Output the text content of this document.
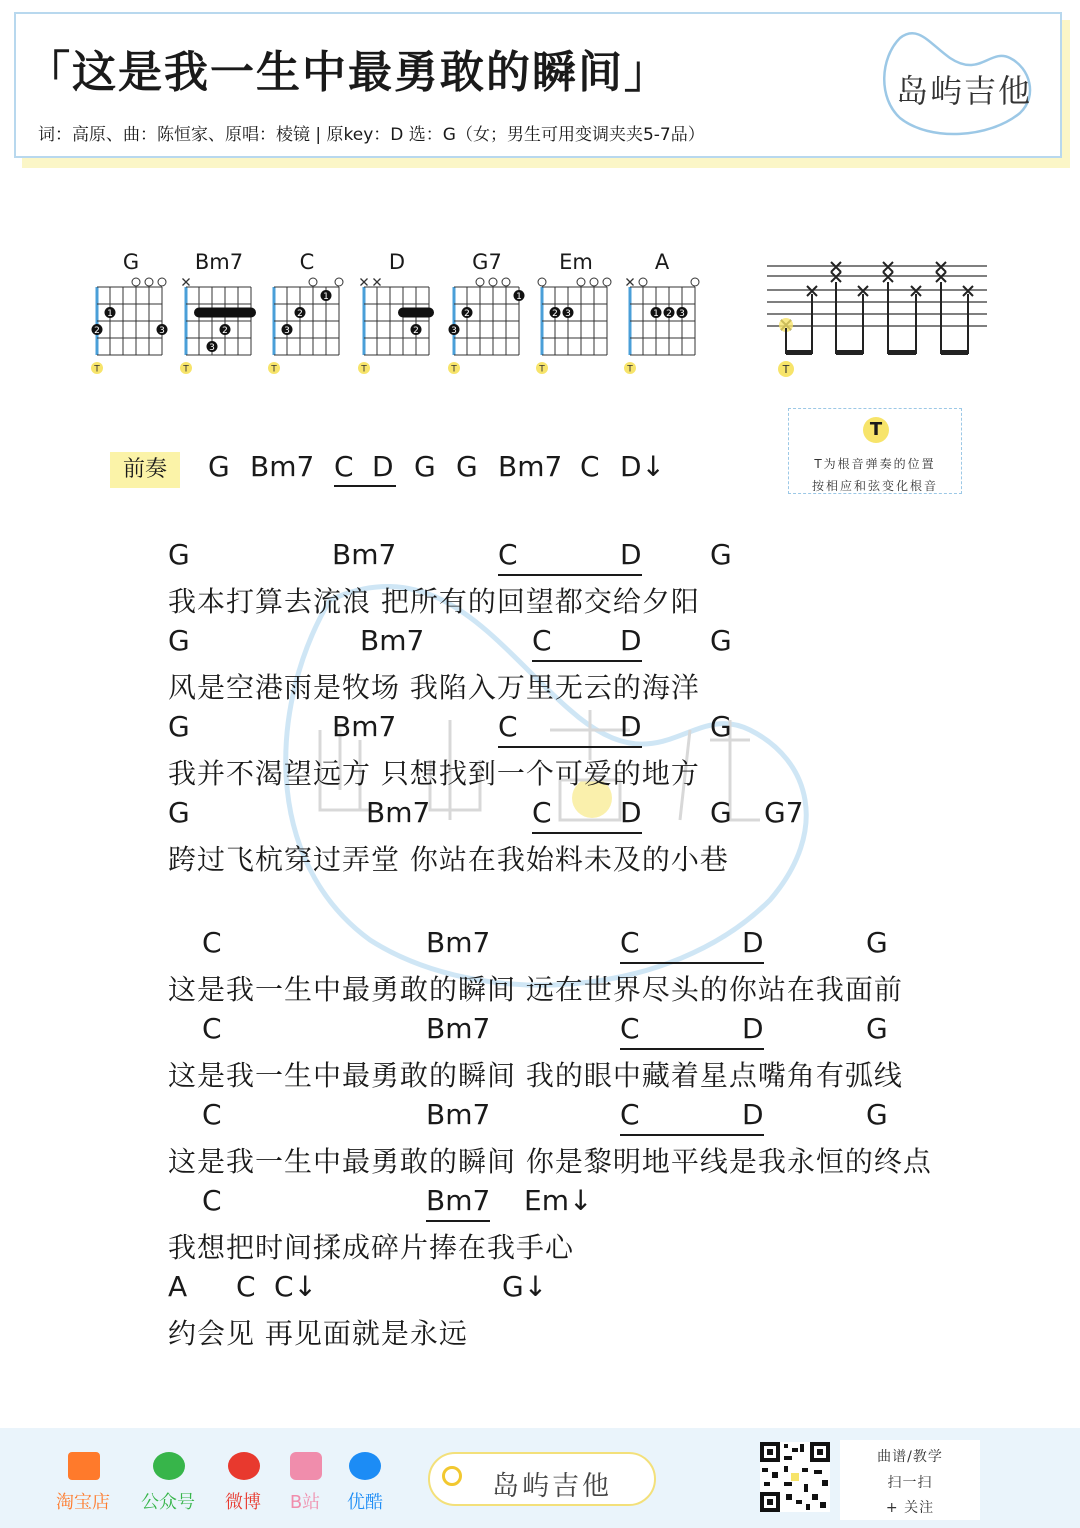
「这是我一生中最勇敢的瞬间」
词：高原、曲：陈恒家、原唱：棱镜 | 原key：D 选：G（女；男生可用变调夹夹5-7品）
岛屿吉他
G	Bm7	C	D	G7	Em	A
1
2	3
T
2
3
T
1
2
3
T
2
T
1
2
3
T
2 3
T
1 2 3
T	T
T
T为根音弹奏的位置
按相应和弦变化根音
前奏	G Bm7 C D G G Bm7 C D↓
G	Bm7	C	D G
我本打算去流浪 把所有的回望都交给夕阳
G	Bm7	C D G
风是空港雨是牧场 我陷入万里无云的海洋
G	Bm7	C	D G
我并不渴望远方 只想找到一个可爱的地方
G	Bm7	C D G G7
跨过飞杭穿过弄堂 你站在我始料未及的小巷
C	Bm7	C	D	G
这是我一生中最勇敢的瞬间 远在世界尽头的你站在我面前
C	Bm7	C	D	G
这是我一生中最勇敢的瞬间 我的眼中藏着星点嘴角有弧线
C	Bm7	C	D	G
这是我一生中最勇敢的瞬间 你是黎明地平线是我永恒的终点
C	Bm7 Em↓
我想把时间揉成碎片捧在我手心
A C C↓	G↓
约会见 再见面就是永远
淘宝店	公众号	微博	B站	优酷
岛屿吉他
曲谱/教学
扫一扫
+ 关注
